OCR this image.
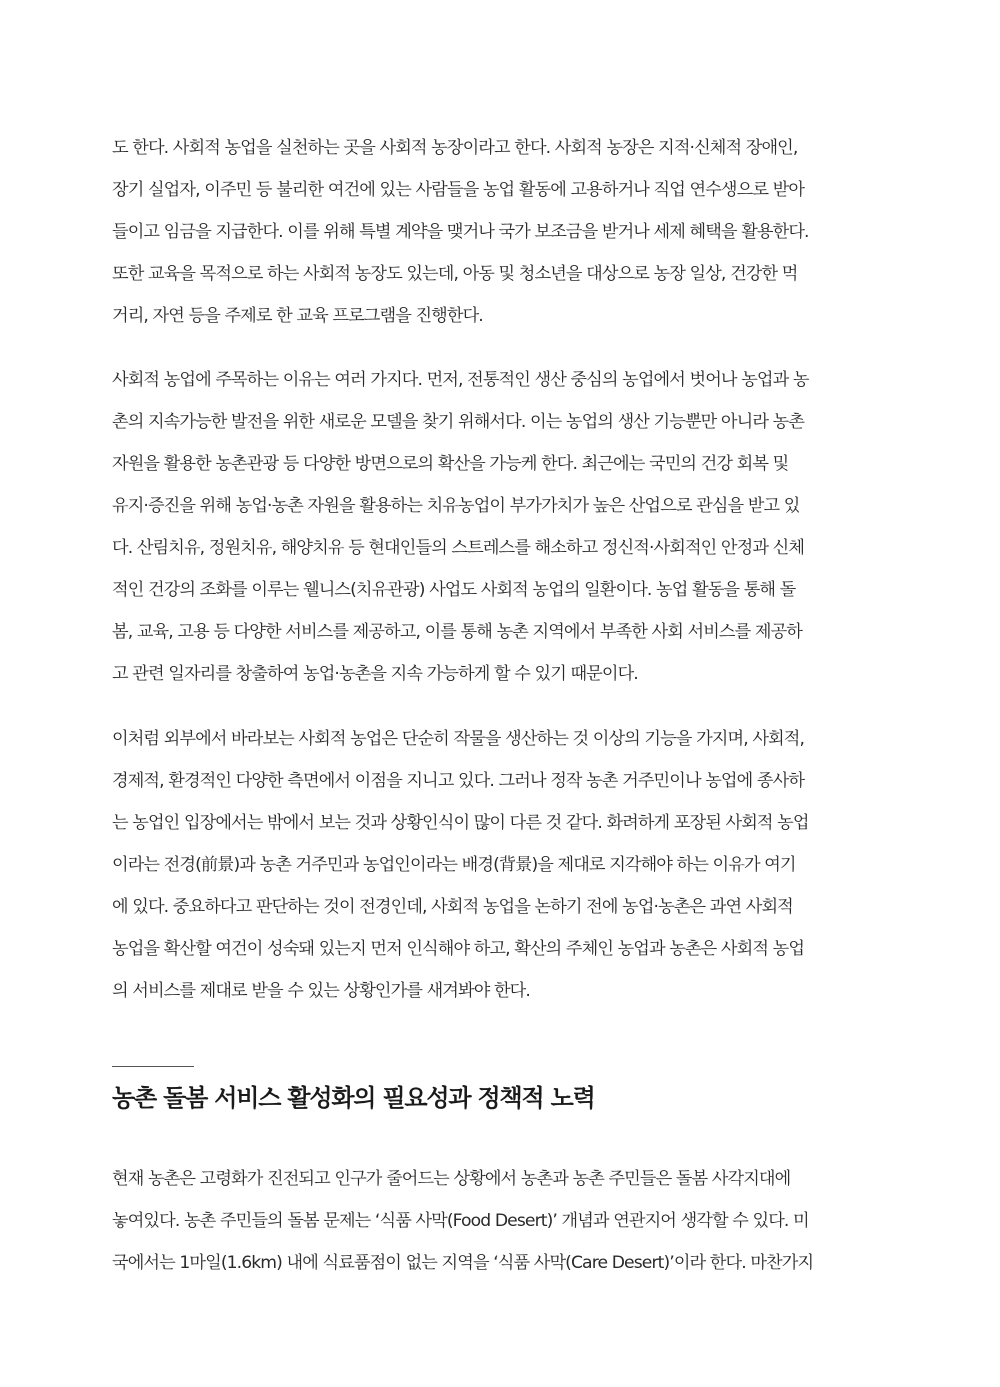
도 한다. 사회적 농업을 실천하는 곳을 사회적 농장이라고 한다. 사회적 농장은 지적·신체적 장애인,
장기 실업자, 이주민 등 불리한 여건에 있는 사람들을 농업 활동에 고용하거나 직업 연수생으로 받아
들이고 임금을 지급한다. 이를 위해 특별 계약을 맺거나 국가 보조금을 받거나 세제 혜택을 활용한다.
또한 교육을 목적으로 하는 사회적 농장도 있는데, 아동 및 청소년을 대상으로 농장 일상, 건강한 먹
거리, 자연 등을 주제로 한 교육 프로그램을 진행한다.
사회적 농업에 주목하는 이유는 여러 가지다. 먼저, 전통적인 생산 중심의 농업에서 벗어나 농업과 농
촌의 지속가능한 발전을 위한 새로운 모델을 찾기 위해서다. 이는 농업의 생산 기능뿐만 아니라 농촌
자원을 활용한 농촌관광 등 다양한 방면으로의 확산을 가능케 한다. 최근에는 국민의 건강 회복 및
유지·증진을 위해 농업·농촌 자원을 활용하는 치유농업이 부가가치가 높은 산업으로 관심을 받고 있
다. 산림치유, 정원치유, 해양치유 등 현대인들의 스트레스를 해소하고 정신적·사회적인 안정과 신체
적인 건강의 조화를 이루는 웰니스(치유관광) 사업도 사회적 농업의 일환이다. 농업 활동을 통해 돌
봄, 교육, 고용 등 다양한 서비스를 제공하고, 이를 통해 농촌 지역에서 부족한 사회 서비스를 제공하
고 관련 일자리를 창출하여 농업·농촌을 지속 가능하게 할 수 있기 때문이다.
이처럼 외부에서 바라보는 사회적 농업은 단순히 작물을 생산하는 것 이상의 기능을 가지며, 사회적,
경제적, 환경적인 다양한 측면에서 이점을 지니고 있다. 그러나 정작 농촌 거주민이나 농업에 종사하
는 농업인 입장에서는 밖에서 보는 것과 상황인식이 많이 다른 것 같다. 화려하게 포장된 사회적 농업
이라는 전경(前景)과 농촌 거주민과 농업인이라는 배경(背景)을 제대로 지각해야 하는 이유가 여기
에 있다. 중요하다고 판단하는 것이 전경인데, 사회적 농업을 논하기 전에 농업·농촌은 과연 사회적
농업을 확산할 여건이 성숙돼 있는지 먼저 인식해야 하고, 확산의 주체인 농업과 농촌은 사회적 농업
의 서비스를 제대로 받을 수 있는 상황인가를 새겨봐야 한다.
농촌 돌봄 서비스 활성화의 필요성과 정책적 노력
현재 농촌은 고령화가 진전되고 인구가 줄어드는 상황에서 농촌과 농촌 주민들은 돌봄 사각지대에
놓여있다. 농촌 주민들의 돌봄 문제는 ‘식품 사막(Food Desert)’ 개념과 연관지어 생각할 수 있다. 미
국에서는 1마일(1.6km) 내에 식료품점이 없는 지역을 ‘식품 사막(Care Desert)’이라 한다. 마찬가지
